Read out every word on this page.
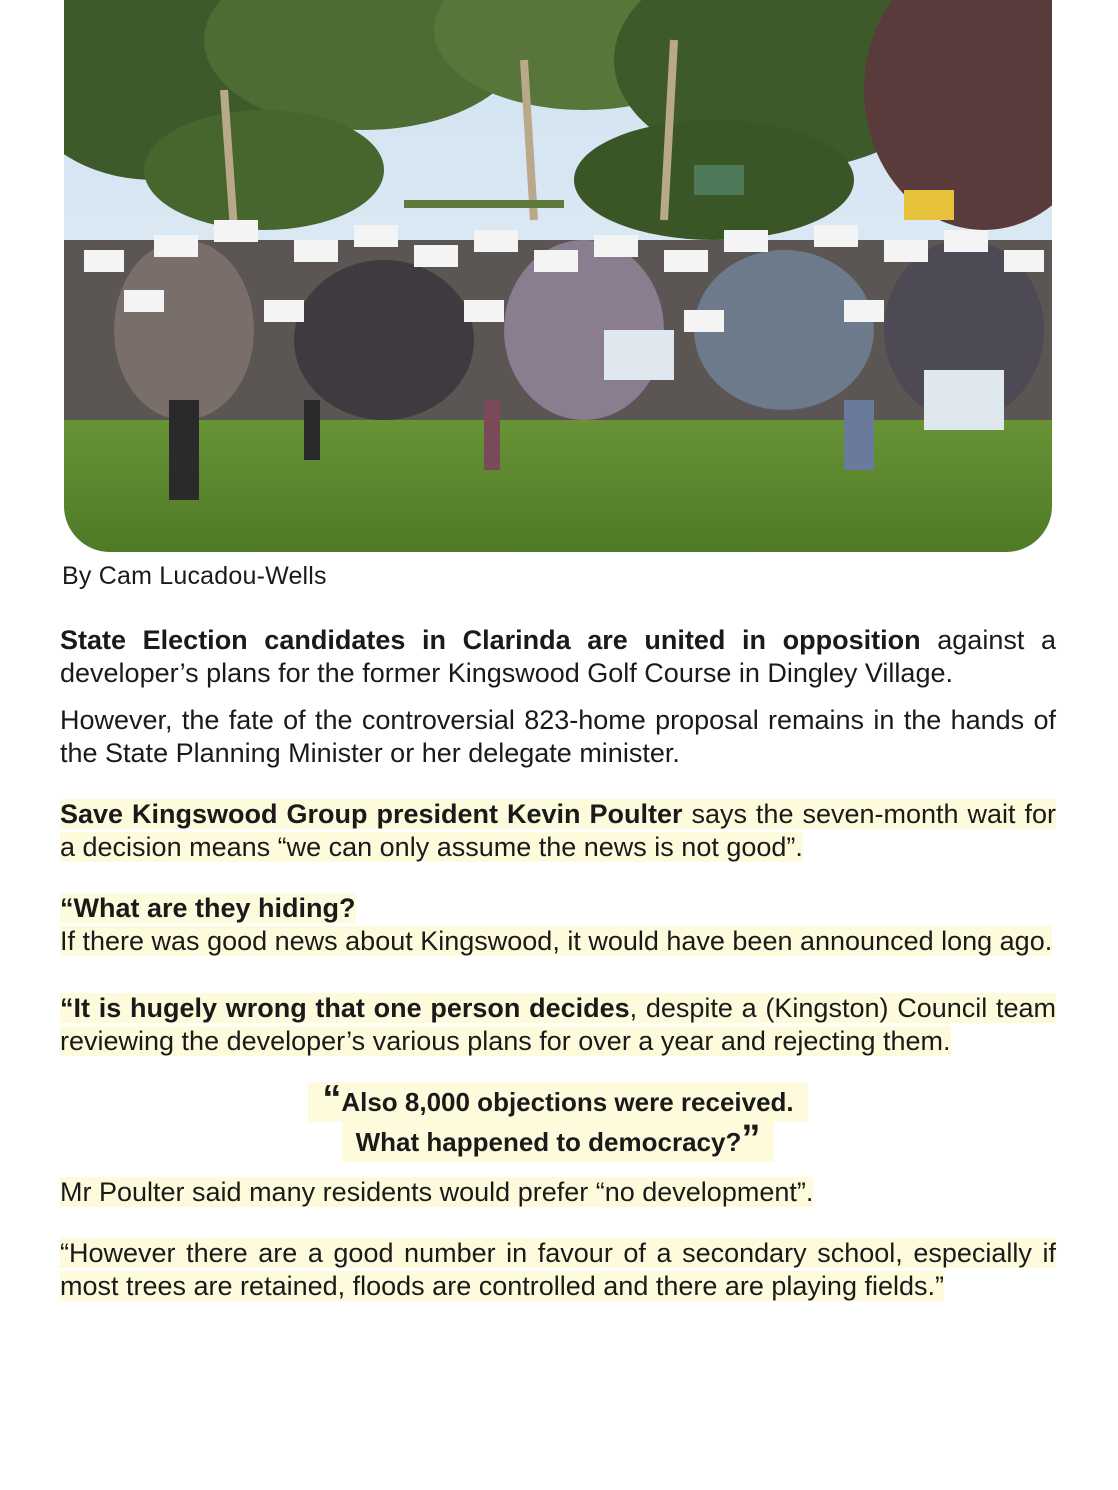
By Cam Lucadou-Wells

State Election candidates in Clarinda are united in opposition against a developer’s plans for the former Kingswood Golf Course in Dingley Village.

However, the fate of the controversial 823-home proposal remains in the hands of the State Planning Minister or her delegate minister.

Save Kingswood Group president Kevin Poulter says the seven-month wait for a decision means “we can only assume the news is not good”.

“What are they hiding?
If there was good news about Kingswood, it would have been announced long ago.

“It is hugely wrong that one person decides, despite a (Kingston) Council team reviewing the developer’s various plans for over a year and rejecting them.

“Also 8,000 objections were received.
What happened to democracy?”

Mr Poulter said many residents would prefer “no development”.

“However there are a good number in favour of a secondary school, especially if most trees are retained, floods are controlled and there are playing fields.”
